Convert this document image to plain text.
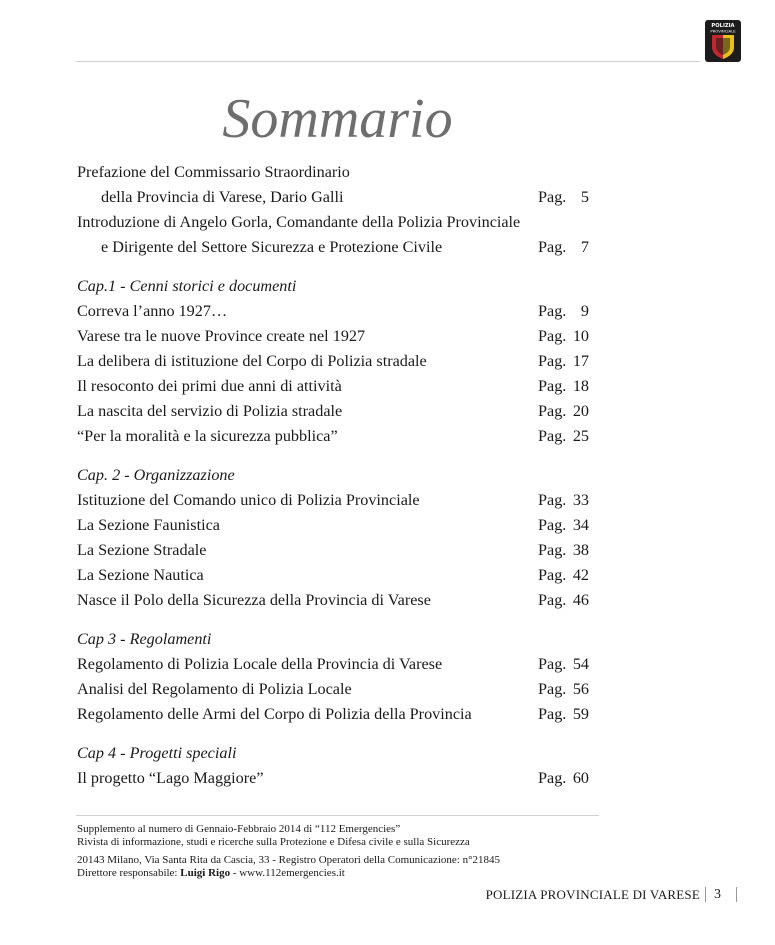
POLIZIA
PROVINCIALE
Sommario
Prefazione del Commissario Straordinario
della Provincia di Varese, Dario Galli	Pag. 5
Introduzione di Angelo Gorla, Comandante della Polizia Provinciale
e Dirigente del Settore Sicurezza e Protezione Civile	Pag. 7
Cap.1 - Cenni storici e documenti
Correva l’anno 1927…	Pag. 9
Varese tra le nuove Province create nel 1927	Pag. 10
La delibera di istituzione del Corpo di Polizia stradale	Pag. 17
Il resoconto dei primi due anni di attività	Pag. 18
La nascita del servizio di Polizia stradale	Pag. 20
“Per la moralità e la sicurezza pubblica”	Pag. 25
Cap. 2 - Organizzazione
Istituzione del Comando unico di Polizia Provinciale	Pag. 33
La Sezione Faunistica	Pag. 34
La Sezione Stradale	Pag. 38
La Sezione Nautica	Pag. 42
Nasce il Polo della Sicurezza della Provincia di Varese	Pag. 46
Cap 3 - Regolamenti
Regolamento di Polizia Locale della Provincia di Varese	Pag. 54
Analisi del Regolamento di Polizia Locale	Pag. 56
Regolamento delle Armi del Corpo di Polizia della Provincia	Pag. 59
Cap 4 - Progetti speciali
Il progetto “Lago Maggiore”	Pag. 60
Supplemento al numero di Gennaio-Febbraio 2014 di “112 Emergencies”
Rivista di informazione, studi e ricerche sulla Protezione e Difesa civile e sulla Sicurezza
20143 Milano, Via Santa Rita da Cascia, 33 - Registro Operatori della Comunicazione: n°21845
Direttore responsabile: Luigi Rigo - www.112emergencies.it
POLIZIA PROVINCIALE DI VARESE 3
